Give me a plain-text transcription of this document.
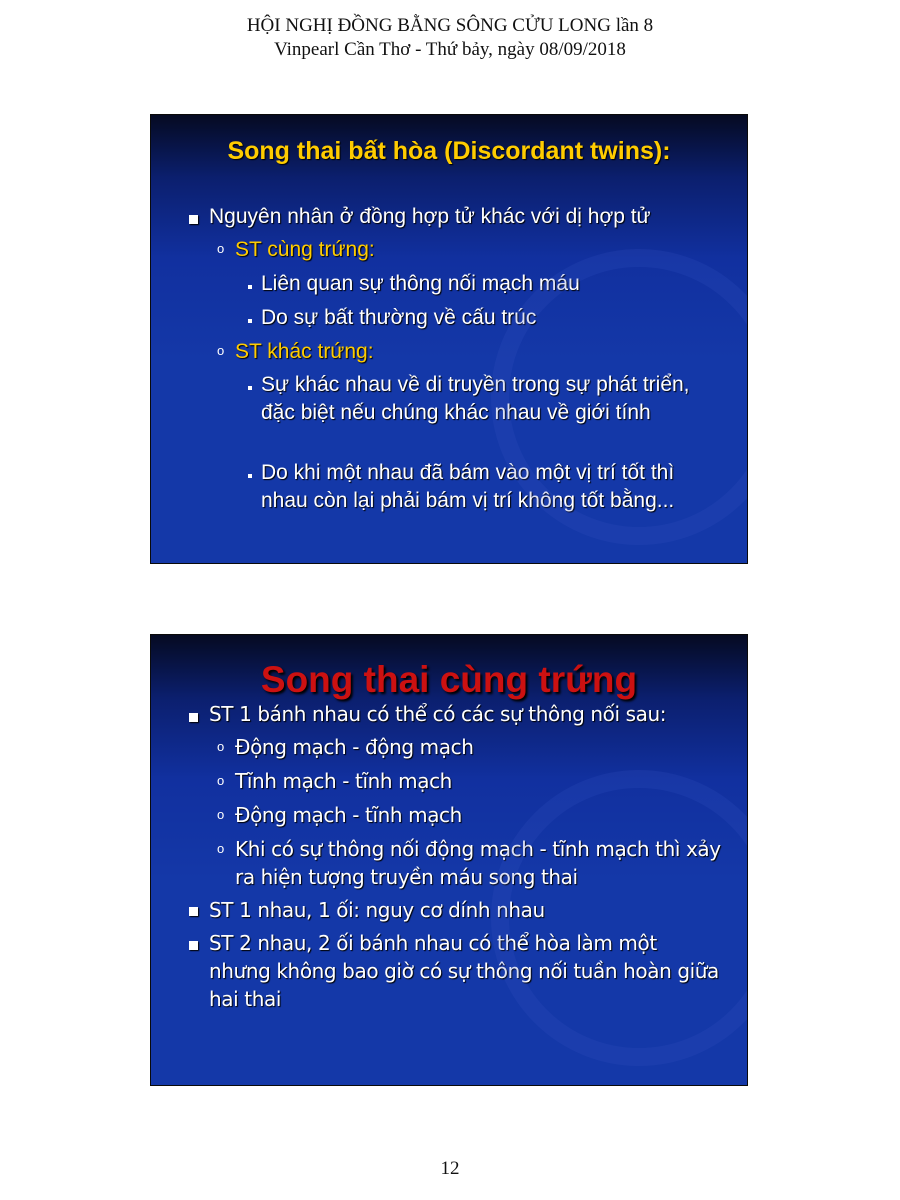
HỘI NGHỊ ĐỒNG BẰNG SÔNG CỬU LONG lần 8
Vinpearl Cần Thơ - Thứ bảy, ngày 08/09/2018
Song thai bất hòa (Discordant twins):
Nguyên nhân ở đồng hợp tử khác với dị hợp tử
o ST cùng trứng:
Liên quan sự thông nối mạch máu
Do sự bất thường về cấu trúc
o ST khác trứng:
Sự khác nhau về di truyền trong sự phát triển, đặc biệt nếu chúng khác nhau về giới tính
Do khi một nhau đã bám vào một vị trí tốt thì nhau còn lại phải bám vị trí không tốt bằng...
Song thai cùng trứng
ST 1 bánh nhau có thể có các sự thông nối sau:
o Động mạch - động mạch
o Tĩnh mạch - tĩnh mạch
o Động mạch - tĩnh mạch
o Khi có sự thông nối động mạch - tĩnh mạch thì xảy ra hiện tượng truyền máu song thai
ST 1 nhau, 1 ối: nguy cơ dính nhau
ST 2 nhau, 2 ối bánh nhau có thể hòa làm một nhưng không bao giờ có sự thông nối tuần hoàn giữa hai thai
12
